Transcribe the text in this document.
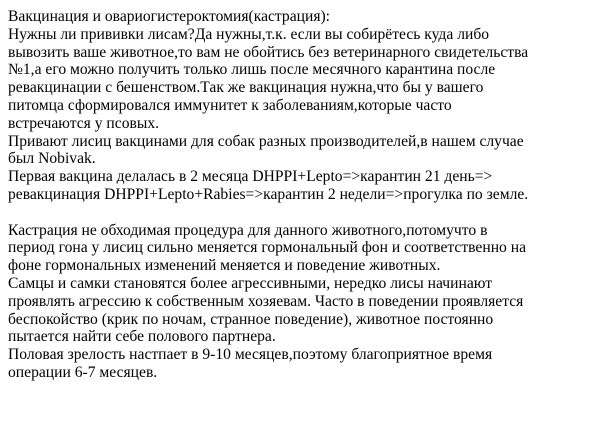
Вакцинация и овариогистероктомия(кастрация):
Нужны ли прививки лисам?Да нужны,т.к. если вы собирётесь куда либо
вывозить ваше животное,то вам не обойтись без ветеринарного свидетельства
№1,а его можно получить только лишь после месячного карантина после
ревакцинации с бешенством.Так же вакцинация нужна,что бы у вашего
питомца сформировался иммунитет к заболеваниям,которые часто
встречаются у псовых.
Привают лисиц вакцинами для собак разных производителей,в нашем случае
был Nobivak.
Первая вакцина делалась в 2 месяца DHPPI+Lepto=>карантин 21 день=>
ревакцинация DHPPI+Lepto+Rabies=>карантин 2 недели=>прогулка по земле.
Кастрация не обходимая процедура для данного животного,потомучто в
период гона у лисиц сильно меняется гормональный фон и соответственно на
фоне гормональных изменений меняется и поведение животных.
Самцы и самки становятся более агрессивными, нередко лисы начинают
проявлять агрессию к собственным хозяевам. Часто в поведении проявляется
беспокойство (крик по ночам, странное поведение), животное постоянно
пытается найти себе полового партнера.
Половая зрелость настпает в 9-10 месяцев,поэтому благоприятное время
операции 6-7 месяцев.
